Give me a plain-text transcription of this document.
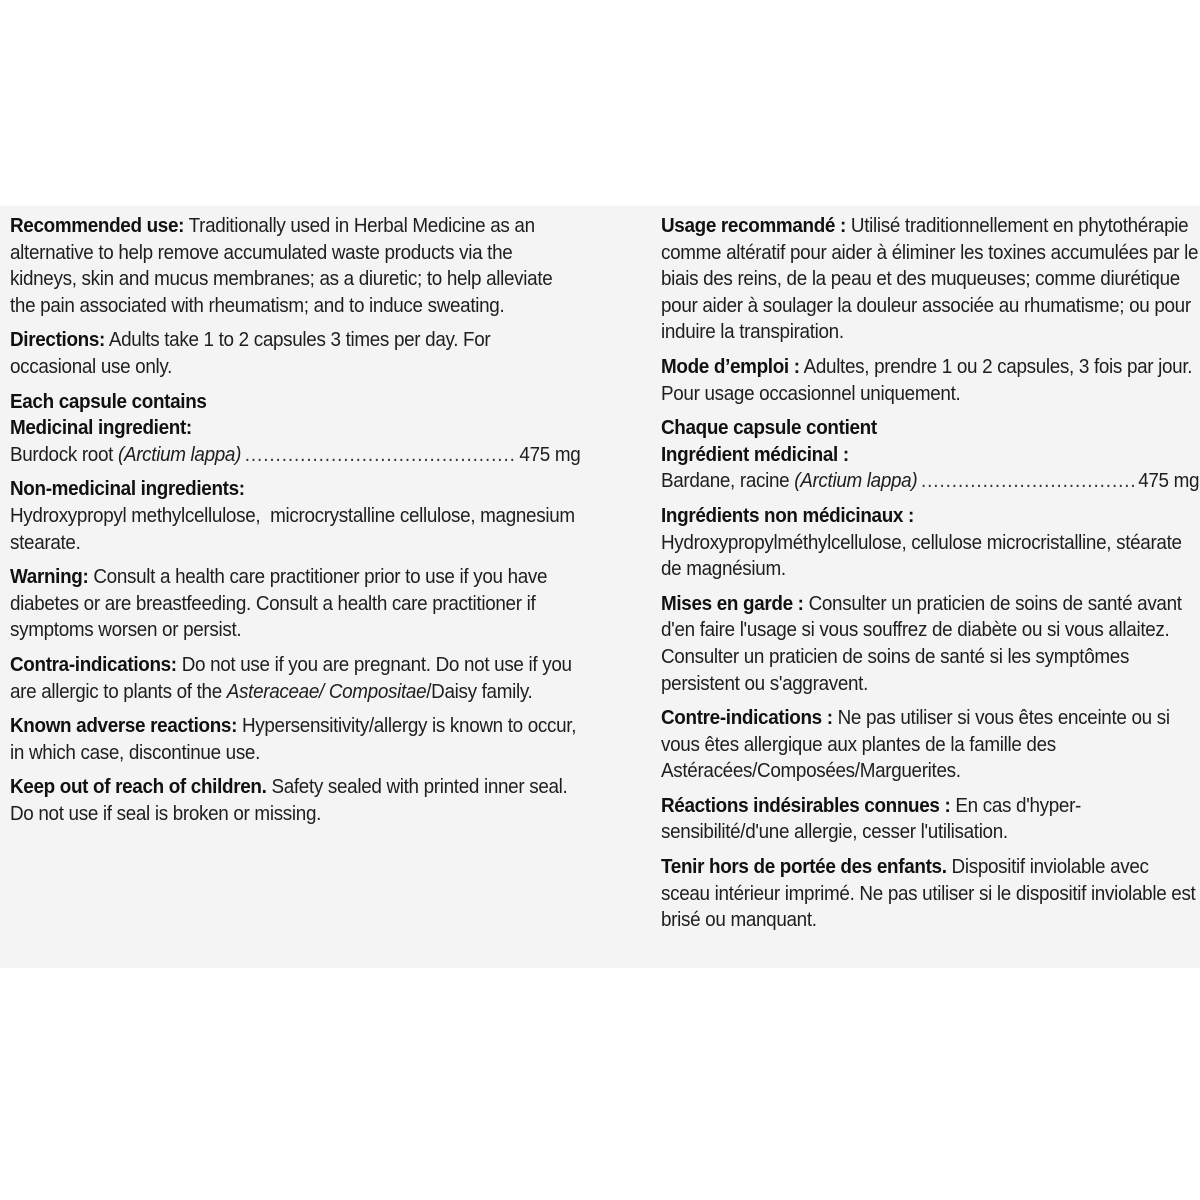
Recommended use: Traditionally used in Herbal Medicine as an alternative to help remove accumulated waste products via the kidneys, skin and mucus membranes; as a diuretic; to help alleviate the pain associated with rheumatism; and to induce sweating.

Directions: Adults take 1 to 2 capsules 3 times per day. For occasional use only.

Each capsule contains
Medicinal ingredient:
Burdock root
(Arctium lappa) .....	475 mg
Non-medicinal ingredients:
Hydroxypropyl methylcellulose,  microcrystalline cellulose, magnesium stearate.

Warning: Consult a health care practitioner prior to use if you have diabetes or are breastfeeding. Consult a health care practitioner if symptoms worsen or persist.

Contra-indications: Do not use if you are pregnant. Do not use if you are allergic to plants of the Asteraceae/ Compositae/Daisy family.

Known adverse reactions: Hypersensitivity/allergy is known to occur, in which case, discontinue use.

Keep out of reach of children. Safety sealed with printed inner seal. Do not use if seal is broken or missing.

Usage recommandé : Utilisé traditionnellement en phytothérapie comme altératif pour aider à éliminer les toxines accumulées par le biais des reins, de la peau et des muqueuses; comme diurétique pour aider à soulager la douleur associée au rhumatisme; ou pour induire la transpiration.

Mode d’emploi : Adultes, prendre 1 ou 2 capsules, 3 fois par jour. Pour usage occasionnel uniquement.

Chaque capsule contient
Ingrédient médicinal :
Bardane, racine
(Arctium lappa) .....	475 mg
Ingrédients non médicinaux :
Hydroxypropylméthylcellulose, cellulose microcristalline, stéarate de magnésium.

Mises en garde : Consulter un praticien de soins de santé avant d'en faire l'usage si vous souffrez de diabète ou si vous allaitez. Consulter un praticien de soins de santé si les symptômes persistent ou s'aggravent.

Contre-indications : Ne pas utiliser si vous êtes enceinte ou si vous êtes allergique aux plantes de la famille des Astéracées/Composées/Marguerites.

Réactions indésirables connues : En cas d'hyper-sensibilité/d'une allergie, cesser l'utilisation.

Tenir hors de portée des enfants. Dispositif inviolable avec sceau intérieur imprimé. Ne pas utiliser si le dispositif inviolable est brisé ou manquant.
